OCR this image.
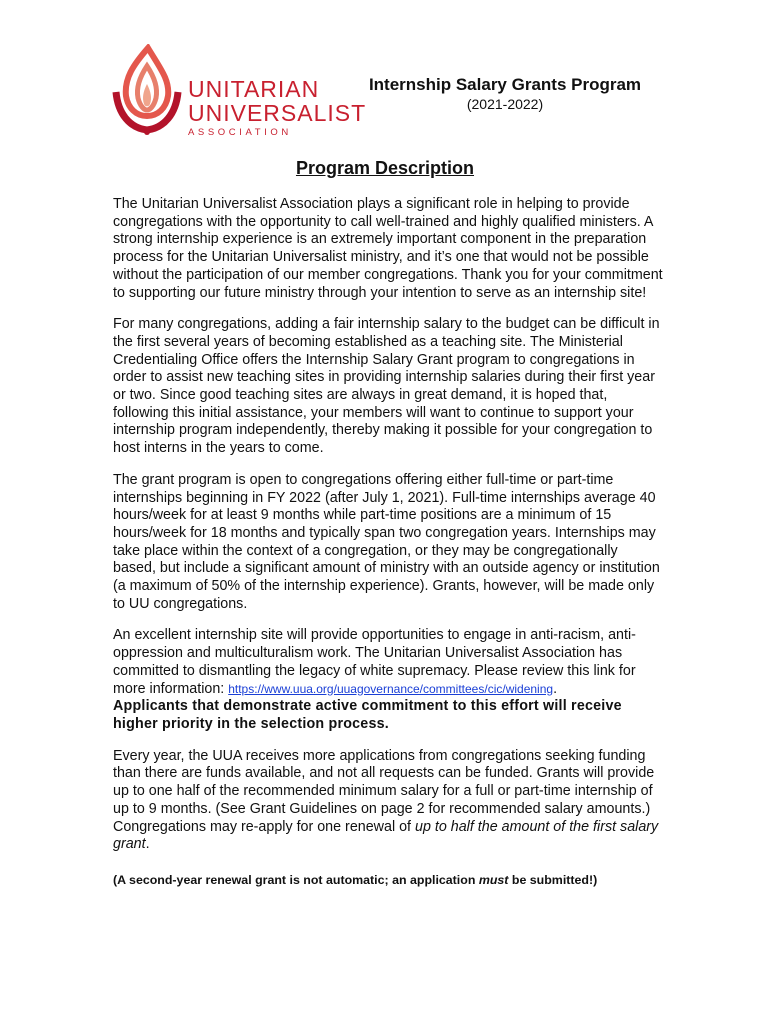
UNITARIAN
UNIVERSALIST
ASSOCIATION
Internship Salary Grants Program
(2021-2022)
Program Description

The Unitarian Universalist Association plays a significant role in helping to provide congregations with the opportunity to call well-trained and highly qualified ministers. A strong internship experience is an extremely important component in the preparation process for the Unitarian Universalist ministry, and it’s one that would not be possible without the participation of our member congregations. Thank you for your commitment to supporting our future ministry through your intention to serve as an internship site!

For many congregations, adding a fair internship salary to the budget can be difficult in the first several years of becoming established as a teaching site. The Ministerial Credentialing Office offers the Internship Salary Grant program to congregations in order to assist new teaching sites in providing internship salaries during their first year or two. Since good teaching sites are always in great demand, it is hoped that, following this initial assistance, your members will want to continue to support your internship program independently, thereby making it possible for your congregation to host interns in the years to come.

The grant program is open to congregations offering either full-time or part-time internships beginning in FY 2022 (after July 1, 2021). Full-time internships average 40 hours/week for at least 9 months while part-time positions are a minimum of 15 hours/week for 18 months and typically span two congregation years. Internships may take place within the context of a congregation, or they may be congregationally based, but include a significant amount of ministry with an outside agency or institution (a maximum of 50% of the internship experience). Grants, however, will be made only to UU congregations.

An excellent internship site will provide opportunities to engage in anti-racism, anti-oppression and multiculturalism work. The Unitarian Universalist Association has committed to dismantling the legacy of white supremacy. Please review this link for more information: https://www.uua.org/uuagovernance/committees/cic/widening.
Applicants that demonstrate active commitment to this effort will receive higher priority in the selection process.

Every year, the UUA receives more applications from congregations seeking funding than there are funds available, and not all requests can be funded. Grants will provide up to one half of the recommended minimum salary for a full or part-time internship of up to 9 months. (See Grant Guidelines on page 2 for recommended salary amounts.) Congregations may re-apply for one renewal of up to half the amount of the first salary grant.

(A second-year renewal grant is not automatic; an application must be submitted!)
